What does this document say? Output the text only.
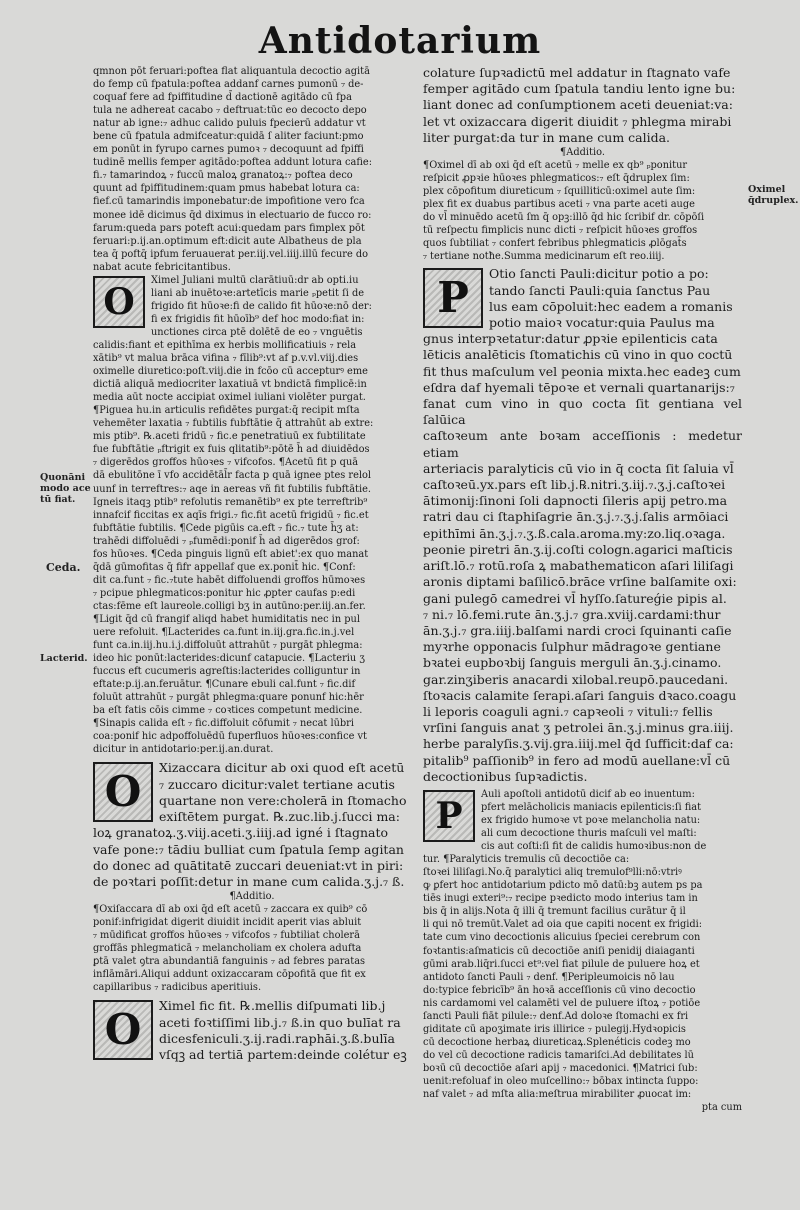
Antidotarium
Quonāni
modo ace
tū fiat.
Ceda.
Lacterid.
Oximel
q̄druplex.

qmnon pōt feruari:poftea flat aliquantula decoctio agitā

do femp cū fpatula:poftea addanf carnes pumonū ₇ de-

coquaf fere ad fpiffitudine d̄ dactionē agitādo cū fpa

tula ne adhereat cacabo ₇ deftruat:tūc eo decocto depo

natur ab igne:₇ adhuc calido puluis fpecierū addatur vt

bene cū fpatula admifceatur:quidā ſ aliter faciunt:pmo

em ponūt in fyrupo carnes pumoꝛ ₇ decoquunt ad fpiffi

tudinē mellis femper agitādo:poftea addunt lotura cafie:

fi.₇ tamarindoꝝ ₇ fuccū maloꝝ granatoꝝ:₇ poftea deco

quunt ad fpiffitudinem:quam pmus habebat lotura ca:

fief.cū tamarindis imponebatur:de impofitione vero fca

monee idē dicimus q̄d diximus in electuario de fucco ro:

farum:queda pars poteft acui:quedam pars fimplex pōt

feruari:p.ij.an.optimum eft:dicit aute Albatheus de pla

tea q̄ poftq̄ ipfum feruauerat per.iij.vel.iiij.illū fecure do

nabat acute febricitantibus.

O

Ximel Juliani multū clarātiuū:dr ab opti.iu

liani ab inuētoꝛe:artetīcis marie ₚpetit ſi de

frigido fit hūoꝛe:fi de calido fit hūoꝛe:nō der:

fi ex frigidis fit hūoīb⁹ def hoc modo:fiat in:

unctiones circa ptē dolētē de eo ₇ vnguētis

calidis:fiant et epithīma ex herbis mollificatiuis ₇ rela

xātib⁹ vt malua brāca vifina ₇ fīlib⁹:vt af p.v.vl.viij.dies

oximelle diuretico:poſt.viij.die in fcōo cū accepturꝰ eme

dictiā aliquā mediocriter laxatiuā vt bndictā fimplicē:in

media aūt nocte accipiat oximel iuliani violēter purgat.

¶Piguea hu.in articulis refidētes purgat:q̄ recipit mſta

vehemēter laxatia ₇ fubtilis fubftātie q̄ attrahūt ab extre:

mis ptib⁹. ℞.aceti fridū ₇ fic.e penetratiuū ex fubtilitate

fue fubftātie ₚftrigit ex fuis qlitatib⁹:pōtē h̄ ad diuidēdos

₇ digerēdos groffos hūoꝛes ₇ vifcofos. ¶Acetū fit p quā

dā ebulitōne ī vfo accidētāl̄r facta p quā ignee ptes relol

uunf in terreftres:₇ aqe in aereas vñ fit fubtilis fubftātie.

Igneis itaqꝫ ptib⁹ refolutis remanētib⁹ ex pte terreftrib⁹

innafcif ficcitas ex aqīs frigi.₇ fic.fit acetū frigidū ₇ fic.et

fubftātie fubtilis. ¶Cede pigūis ca.eft ₇ fic.₇ tute h̄ʒ at:

trahēdi diffoluēdi ₇ ₚfumēdi:ponif h̄ ad digerēdos grof:

fos hūoꝛes. ¶Ceda pinguis lignū eſt abiet':ex quo manat

q̄dā gūmofitas q̄ fifr appellaf que ex.ponit̄ hic. ¶Conf:

dit ca.funt ₇ fic.₇tute habēt diffoluendi groffos hūmoꝛes

₇ pcipue phlegmaticos:ponitur hic ꝓpter caufas p:edi

ctas:fēme eſt laureole.colligi bʒ in autūno:per.iij.an.fer.

¶Ligit q̄d cū frangif aliqd habet humiditatis nec in pul

uere refoluit. ¶Lacterides ca.funt in.iij.gra.fic.in.j.vel

funt ca.in.iij.hu.i.j.diffoluūt attrahūt ₇ purgāt phlegma:

ideo hic ponūt:lacterides:dicunf catapucie. ¶Lacteriu ʒ

fuccus eft cucumeris agreſtis:lacterides colliguntur in

eftate:p.ij.an.feruātur. ¶Cunare ebuli cal.funt ₇ fic.dif

foluūt attrahūt ₇ purgāt phlegma:quare ponunf hic:hēr

ba eſt fatis cōis cimme ₇ coꝛtices competunt medicine.

¶Sinapis calida eſt ₇ fic.diffoluit cōfumit ₇ necat lūbri

coa:ponif hic adpoffoluēdū fuperfluos hūoꝛes:confice vt

dicitur in antidotario:per.ij.an.durat.

O	Xizaccara dicitur ab oxi quod eſt acetū

₇ zuccaro dicitur:valet tertiane acutis

quartane non vere:cholerā in ſtomacho

exiſtētem purgat. ℞.zuc.lib.j.ſucci ma:

loꝝ granatoꝝ.ʒ.viij.aceti.ʒ.iiij.ad igné i ſtagnato

vafe pone:₇ tādiu bulliat cum ſpatula ſemp agitan

do donec ad quātitatē zuccari deueniat:vt in piri:

de poꝛtari poſſit:detur in mane cum calida.ʒ.j.₇ ß.

¶Additio.

¶Oxiſaccara dī ab oxi q̄d eſt acetū ₇ zaccara ex quib⁹ cō

ponif:infrigidat digerit diuidit incidit aperit vias abluit

₇ mūdificat groffos hūoꝛes ₇ vifcofos ₇ fubtiliat cholerā

groffās phlegmaticā ₇ melancholiam ex cholera adufta

ꝑtā valet ꝯtra abundantiā fanguinis ₇ ad febres paratas

inflāmāri.Aliqui addunt oxizaccaram cōpofitā que fit ex

capillaribus ₇ radicibus aperitiuis.

O	Ximel fic fit. ℞.mellis diſpumati lib.j

aceti foꝛtiſſimi lib.j.₇ ß.in quo bulīat ra

dicesfeniculi.ʒ.ij.radi.raphāi.ʒ.ß.bulīa

vſqꝫ ad tertiā partem:deinde colétur eꝫ

colature ſupꝛadictū mel addatur in ſtagnato vafe

femper agitādo cum ſpatula tandiu lento igne bu:

liant donec ad conſumptionem aceti deueniat:va:

let vt oxizaccara digerit diuidit ₇ phlegma mirabi

liter purgat:da tur in mane cum calida.

¶Additio.

¶Oximel dī ab oxi q̄d eſt acetū ₇ melle ex qb⁹ ₚponitur

reſpicit ꝓpꝛie hūoꝛes phlegmaticos:₇ eſt q̄druplex ſim:

plex cōpofitum diureticum ₇ ſquilliticū:oximel aute ſim:

plex fit ex duabus partibus aceti ₇ vna parte aceti auge

do vl̄ minuēdo acetū ſm q̄ opꝫ:illō q̄d hic ſcribif dr. cōpōſi

tū reſpectu fimplicis nunc dicti ₇ reſpicit hūoꝛes groffos

quos ſubtiliat ₇ confert febribus phlegmaticis ꝓlōgat̄s

₇ tertiane notħe.Summa medicinarum eſt reo.iiij.

P	Otio ſancti Pauli:dicitur potio a po:

tando ſancti Pauli:quia ſanctus Pau

lus eam cōpoluit:hec eadem a romanis

potio maioꝛ vocatur:quia Paulus ma

gnus interpꝛetatur:datur ꝓpꝛie epilenticis cata

lēticis analēticis ſtomatichis cū vino in quo coctū

fit thus maſculum vel peonia mixta.hec eadeꝫ cum

eſdra daf hyemali tēpoꝛe et vernali quartanarijs:₇

fanat cum vino in quo cocta ſit gentiana vel ſalūica

caſtoꝛeum ante boꝛam acceſſionis : medetur etiam

arteriacis paralyticis cū vio in q̄ cocta ſit ſaluia vl̄

caſtoꝛeū.yx.pars eſt lib.j.℞.nitri.ʒ.iij.₇.ʒ.j.caſtoꝛei

ātimonij:ſinoni ſoli dapnocti ſileris apij petro.ma

ratri dau ci ſtaphiſagrie ān.ʒ.j.₇.ʒ.j.ſalis armōiaci

epithīmi ān.ʒ.j.₇.ʒ.ß.cala.aroma.my:zo.liq.oꝛaga.

peonie piretri ān.ʒ.ij.coſti cologn.agarici maſticis

ariſt.lō.₇ rotū.roſa ꝝ mabathematicon aſari liliſagi

aronis diptami baſilicō.brāce vrſine balſamite oxi:

gani pulegō camedrei vl̄ hyſſo.ſatureǵie pipis al.

₇ ni.₇ lō.femi.rute ān.ʒ.j.₇ gra.xviij.cardami:thur

ān.ʒ.j.₇ gra.iiij.balſami nardi croci ſquinanti caſie

myꝛrhe opponacis ſulphur mādragoꝛe gentiane

bꝛatei eupboꝛbij ſanguis merguli ān.ʒ.j.cinamo.

gar.zinʒiberis anacardi xilobal.reupō.paucedani.

ſtoꝛacis calamite ſerapi.aſari ſanguis dꝛaco.coagu

li leporis coaguli agni.₇ capꝛeoli ₇ vituli:₇ fellis

vrſini ſanguis anat ʒ petrolei ān.ʒ.j.minus gra.iiij.

herbe paralyſis.ʒ.vij.gra.iiij.mel q̄d ſufficit:daf ca:

pitalib⁹ paſſionib⁹ in fero ad modū auellane:vl̄ cū

decoctionibus ſupꝛadictis.

P

Auli apoſtoli antidotū dicif ab eo inuentum:

pfert melācholicis maniacis epilenticis:ſi fiat

ex frigido humoꝛe vt poꝛe melancholia natu:

ali cum decoctione thuris maſculi vel maſti:

cis aut coſti:ſi fit de calidis humoꝛibus:non de

tur. ¶Paralyticis tremulis cū decoctiōe ca:

ſtoꝛei liliſagi.No.q̄ paralytici aliq tremulof⁹lli:nō:vtriꝰ

ꝙ ꝑfert hoc antidotarium pdicto mō datū:bꝫ autem ps pa

tiēs inugi exteri⁹:₇ recipe pꝛedicto modo interius tam in

bis q̄ in alijs.Nota q̄ illi q̄ tremunt facilius curātur q̄ il

li qui nō tremūt.Valet ad oia que capiti nocent ex frigidi:

tate cum vino decoctionis alicuius ſpeciei cerebrum con

foꝛtantis:aſmaticis cū decoctiōe aniſi penidij diaiaganti

gūmi arab.liq̄ri.ſucci et⁹:vel fiat pilule de puluere hoꝝ et

antidoto ſancti Pauli ₇ denf. ¶Peripleumoicis nō lau

do:typice febricīb⁹ ān hoꝛā acceſſionis cū vino decoctio

nis cardamomi vel calamēti vel de puluere iſtoꝝ ₇ potiōe

ſancti Pauli fiāt pilule:₇ denf.Ad doloꝛe ſtomachi ex fri

giditate cū apoʒimate iris illirice ₇ pulegij.Hydꝛopicis

cū decoctione herbaꝝ diureticaꝝ.Splenéticis codeꝫ mo

do vel cū decoctione radicis tamariſci.Ad debilitates lū

boꝛū cū decoctiōe aſari apij ₇ macedonici. ¶Matrici ſub:

uenit:refoluaf in oleo muſcellino:₇ bōbax intincta ſuppo:

naf valet ₇ ad mſta alia:meſtrua mirabiliter ꝓuocat im:

pta cum
